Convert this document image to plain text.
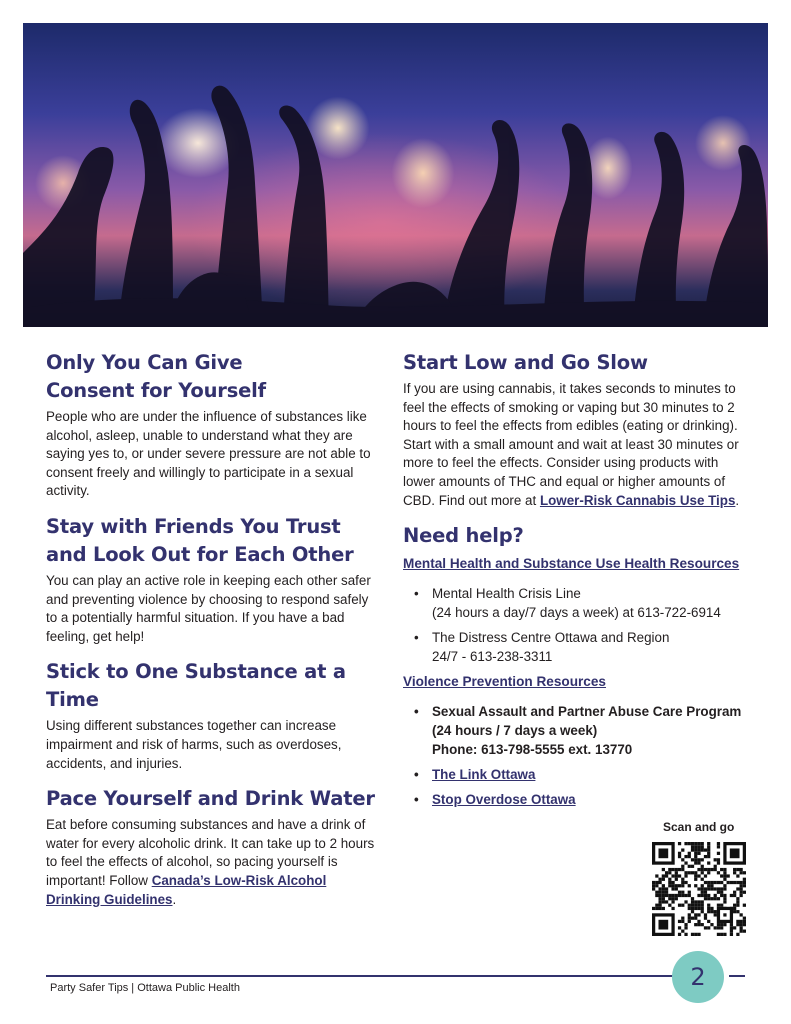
Only You Can Give
Consent for Yourself

People who are under the influence of substances like alcohol, asleep, unable to understand what they are saying yes to, or under severe pressure are not able to consent freely and willingly to participate in a sexual activity.

Stay with Friends You Trust
and Look Out for Each Other

You can play an active role in keeping each other safer and preventing violence by choosing to respond safely to a potentially harmful situation. If you have a bad feeling, get help!

Stick to One Substance at a Time

Using different substances together can increase impairment and risk of harms, such as overdoses, accidents, and injuries.

Pace Yourself and Drink Water

Eat before consuming substances and have a drink of water for every alcoholic drink. It can take up to 2 hours to feel the effects of alcohol, so pacing yourself is important! Follow Canada’s Low-Risk Alcohol Drinking Guidelines.

Start Low and Go Slow

If you are using cannabis, it takes seconds to minutes to feel the effects of smoking or vaping but 30 minutes to 2 hours to feel the effects from edibles (eating or drinking). Start with a small amount and wait at least 30 minutes or more to feel the effects. Consider using products with lower amounts of THC and equal or higher amounts of CBD. Find out more at Lower-Risk Cannabis Use Tips.

Need help?
Mental Health and Substance Use Health Resources
• Mental Health Crisis Line
(24 hours a day/7 days a week) at 613-722-6914
• The Distress Centre Ottawa and Region
24/7 - 613-238-3311
Violence Prevention Resources
• Sexual Assault and Partner Abuse Care Program
(24 hours / 7 days a week)
Phone: 613-798-5555 ext. 13770
• The Link Ottawa
• Stop Overdose Ottawa
Scan and go
Party Safer Tips | Ottawa Public Health	2
